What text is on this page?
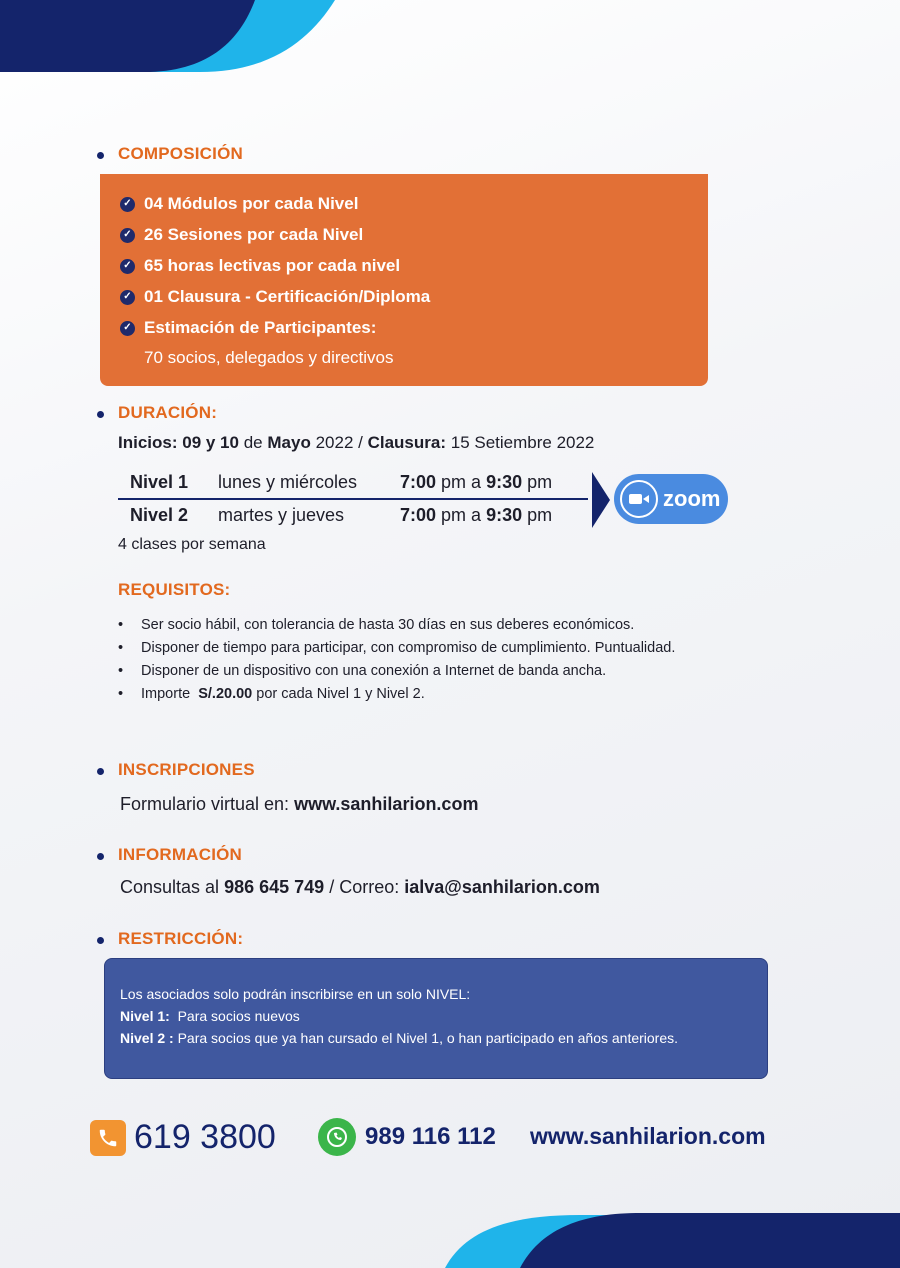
COMPOSICIÓN
✓ 04 Módulos por cada Nivel
✓ 26 Sesiones por cada Nivel
✓ 65 horas lectivas por cada nivel
✓ 01 Clausura - Certificación/Diploma
✓ Estimación de Participantes:
70 socios, delegados y directivos
DURACIÓN:
Inicios: 09 y 10 de Mayo 2022 / Clausura: 15 Setiembre 2022
Nivel 1 lunes y miércoles 7:00 pm a 9:30 pm
Nivel 2 martes y jueves	7:00 pm a 9:30 pm
zoom
4 clases por semana
REQUISITOS:
• Ser socio hábil, con tolerancia de hasta 30 días en sus deberes económicos.
• Disponer de tiempo para participar, con compromiso de cumplimiento. Puntualidad.
• Disponer de un dispositivo con una conexión a Internet de banda ancha.
• Importe S/.20.00 por cada Nivel 1 y Nivel 2.
INSCRIPCIONES
Formulario virtual en: www.sanhilarion.com
INFORMACIÓN
Consultas al 986 645 749 / Correo: ialva@sanhilarion.com
RESTRICCIÓN:
Los asociados solo podrán inscribirse en un solo NIVEL:
Nivel 1: Para socios nuevos
Nivel 2 : Para socios que ya han cursado el Nivel 1, o han participado en años anteriores.
619 3800	989 116 112 www.sanhilarion.com
